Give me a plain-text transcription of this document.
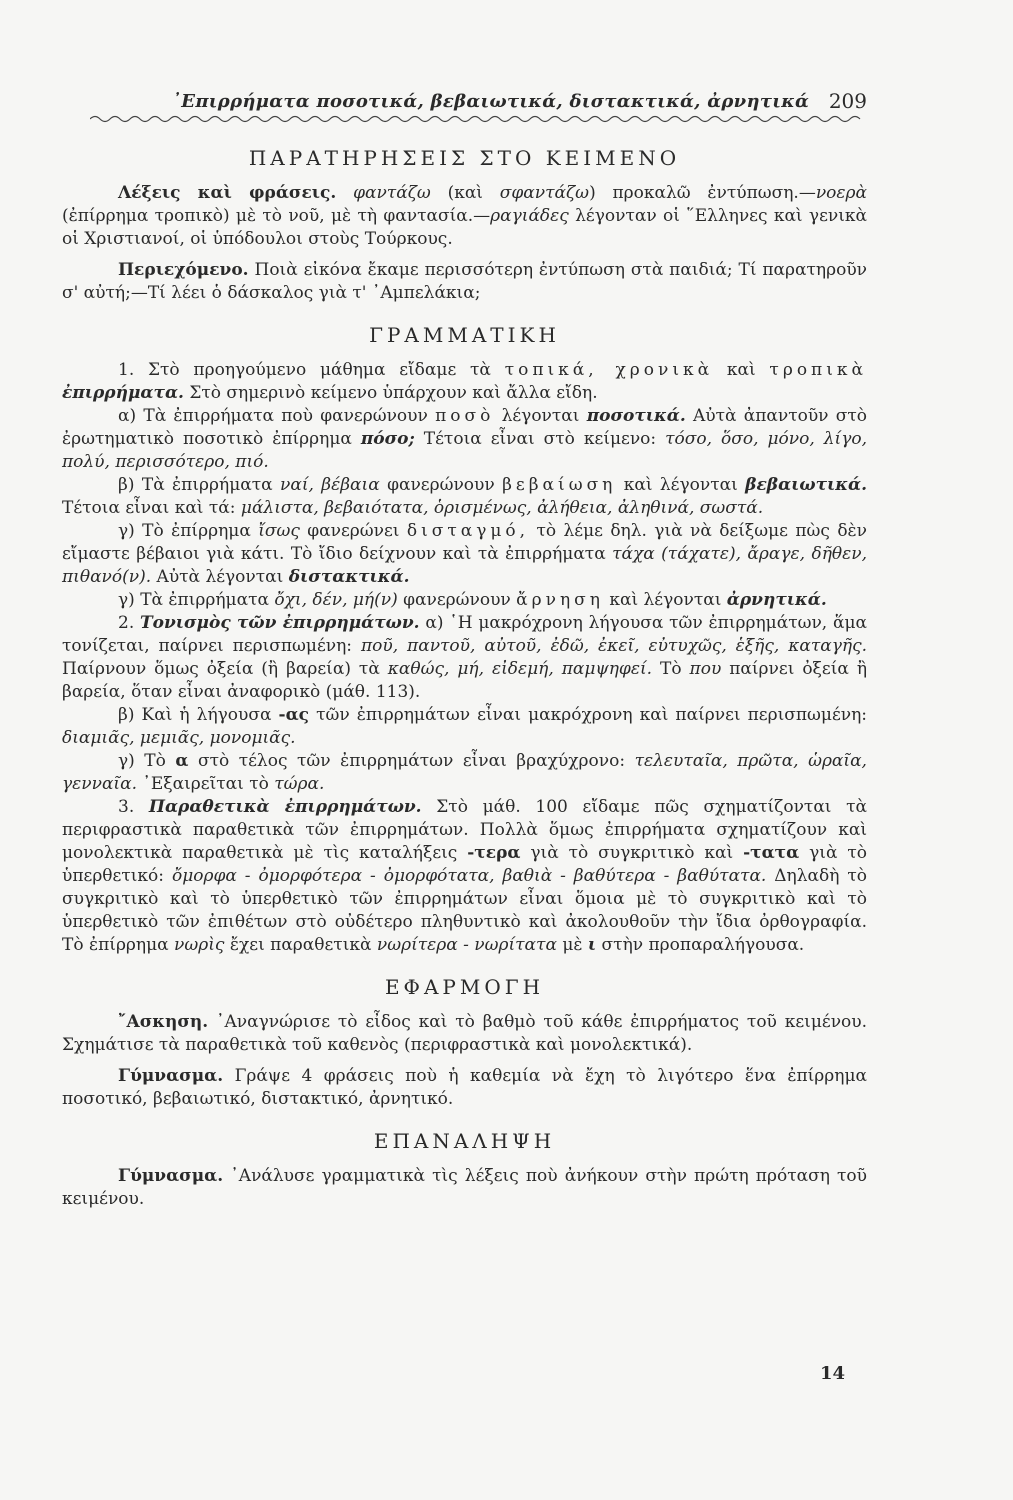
᾿Επιρρήματα ποσοτικά, βεβαιωτικά, διστακτικά, ἀρνητικά 209
ΠΑΡΑΤΗΡΗΣΕΙΣ ΣΤΟ ΚΕΙΜΕΝΟ

Λέξεις καὶ φράσεις. φαντάζω (καὶ σφαντάζω) προκαλῶ ἐντύπωση.—νοερὰ (ἐπίρρημα τροπικὸ) μὲ τὸ νοῦ, μὲ τὴ φαντασία.—ραγιάδες λέγονταν οἱ ῞Ελληνες καὶ γενικὰ οἱ Χριστιανοί, οἱ ὑπόδουλοι στοὺς Τούρκους.

Περιεχόμενο. Ποιὰ εἰκόνα ἔκαμε περισσότερη ἐντύπωση στὰ παιδιά; Τί παρατηροῦν σ' αὐτή;—Τί λέει ὁ δάσκαλος γιὰ τ' ᾿Αμπελάκια;

ΓΡΑΜΜΑΤΙΚΗ

1. Στὸ προηγούμενο μάθημα εἴδαμε τὰ τοπικά, χρονικὰ καὶ τροπικὰ ἐπιρρήματα. Στὸ σημερινὸ κείμενο ὑπάρχουν καὶ ἄλλα εἴδη.

α) Τὰ ἐπιρρήματα ποὺ φανερώνουν ποσὸ λέγονται ποσοτικά. Αὐτὰ ἀπαντοῦν στὸ ἐρωτηματικὸ ποσοτικὸ ἐπίρρημα πόσο; Τέτοια εἶναι στὸ κείμενο: τόσο, ὅσο, μόνο, λίγο, πολύ, περισσότερο, πιό.

β) Τὰ ἐπιρρήματα ναί, βέβαια φανερώνουν βεβαίωση καὶ λέγονται βεβαιωτικά. Τέτοια εἶναι καὶ τά: μάλιστα, βεβαιότατα, ὁρισμένως, ἀλήθεια, ἀληθινά, σωστά.

γ) Τὸ ἐπίρρημα ἴσως φανερώνει δισταγμό, τὸ λέμε δηλ. γιὰ νὰ δείξωμε πὼς δὲν εἴμαστε βέβαιοι γιὰ κάτι. Τὸ ἴδιο δείχνουν καὶ τὰ ἐπιρρήματα τάχα (τάχατε), ἄραγε, δῆθεν, πιθανό(ν). Αὐτὰ λέγονται διστακτικά.

γ) Τὰ ἐπιρρήματα ὄχι, δέν, μή(ν) φανερώνουν ἄρνηση καὶ λέγονται ἀρνητικά.

2. Τονισμὸς τῶν ἐπιρρημάτων. α) ῾Η μακρόχρονη λήγουσα τῶν ἐπιρρημάτων, ἅμα τονίζεται, παίρνει περισπωμένη: ποῦ, παντοῦ, αὐτοῦ, ἐδῶ, ἐκεῖ, εὐτυχῶς, ἑξῆς, καταγῆς. Παίρνουν ὅμως ὀξεία (ἢ βαρεία) τὰ καθώς, μή, εἰδεμή, παμψηφεί. Τὸ που παίρνει ὀξεία ἢ βαρεία, ὅταν εἶναι ἀναφορικὸ (μάθ. 113).

β) Καὶ ἡ λήγουσα -ας τῶν ἐπιρρημάτων εἶναι μακρόχρονη καὶ παίρνει περισπωμένη: διαμιᾶς, μεμιᾶς, μονομιᾶς.

γ) Τὸ α στὸ τέλος τῶν ἐπιρρημάτων εἶναι βραχύχρονο: τελευταῖα, πρῶτα, ὡραῖα, γενναῖα. ᾿Εξαιρεῖται τὸ τώρα.

3. Παραθετικὰ ἐπιρρημάτων. Στὸ μάθ. 100 εἴδαμε πῶς σχηματίζονται τὰ περιφραστικὰ παραθετικὰ τῶν ἐπιρρημάτων. Πολλὰ ὅμως ἐπιρρήματα σχηματίζουν καὶ μονολεκτικὰ παραθετικὰ μὲ τὶς καταλήξεις -τερα γιὰ τὸ συγκριτικὸ καὶ -τατα γιὰ τὸ ὑπερθετικό: ὄμορφα - ὀμορφότερα - ὀμορφότατα, βαθιὰ - βαθύτερα - βαθύτατα. Δηλαδὴ τὸ συγκριτικὸ καὶ τὸ ὑπερθετικὸ τῶν ἐπιρρημάτων εἶναι ὅμοια μὲ τὸ συγκριτικὸ καὶ τὸ ὑπερθετικὸ τῶν ἐπιθέτων στὸ οὐδέτερο πληθυντικὸ καὶ ἀκολουθοῦν τὴν ἴδια ὀρθογραφία. Τὸ ἐπίρρημα νωρὶς ἔχει παραθετικὰ νωρίτερα - νωρίτατα μὲ ι στὴν προπαραλήγουσα.

ΕΦΑΡΜΟΓΗ

῎Ασκηση. ᾿Αναγνώρισε τὸ εἶδος καὶ τὸ βαθμὸ τοῦ κάθε ἐπιρρήματος τοῦ κειμένου. Σχημάτισε τὰ παραθετικὰ τοῦ καθενὸς (περιφραστικὰ καὶ μονολεκτικά).

Γύμνασμα. Γράψε 4 φράσεις ποὺ ἡ καθεμία νὰ ἔχη τὸ λιγότερο ἕνα ἐπίρρημα ποσοτικό, βεβαιωτικό, διστακτικό, ἀρνητικό.

ΕΠΑΝΑΛΗΨΗ

Γύμνασμα. ᾿Ανάλυσε γραμματικὰ τὶς λέξεις ποὺ ἀνήκουν στὴν πρώτη πρόταση τοῦ κειμένου.

14
